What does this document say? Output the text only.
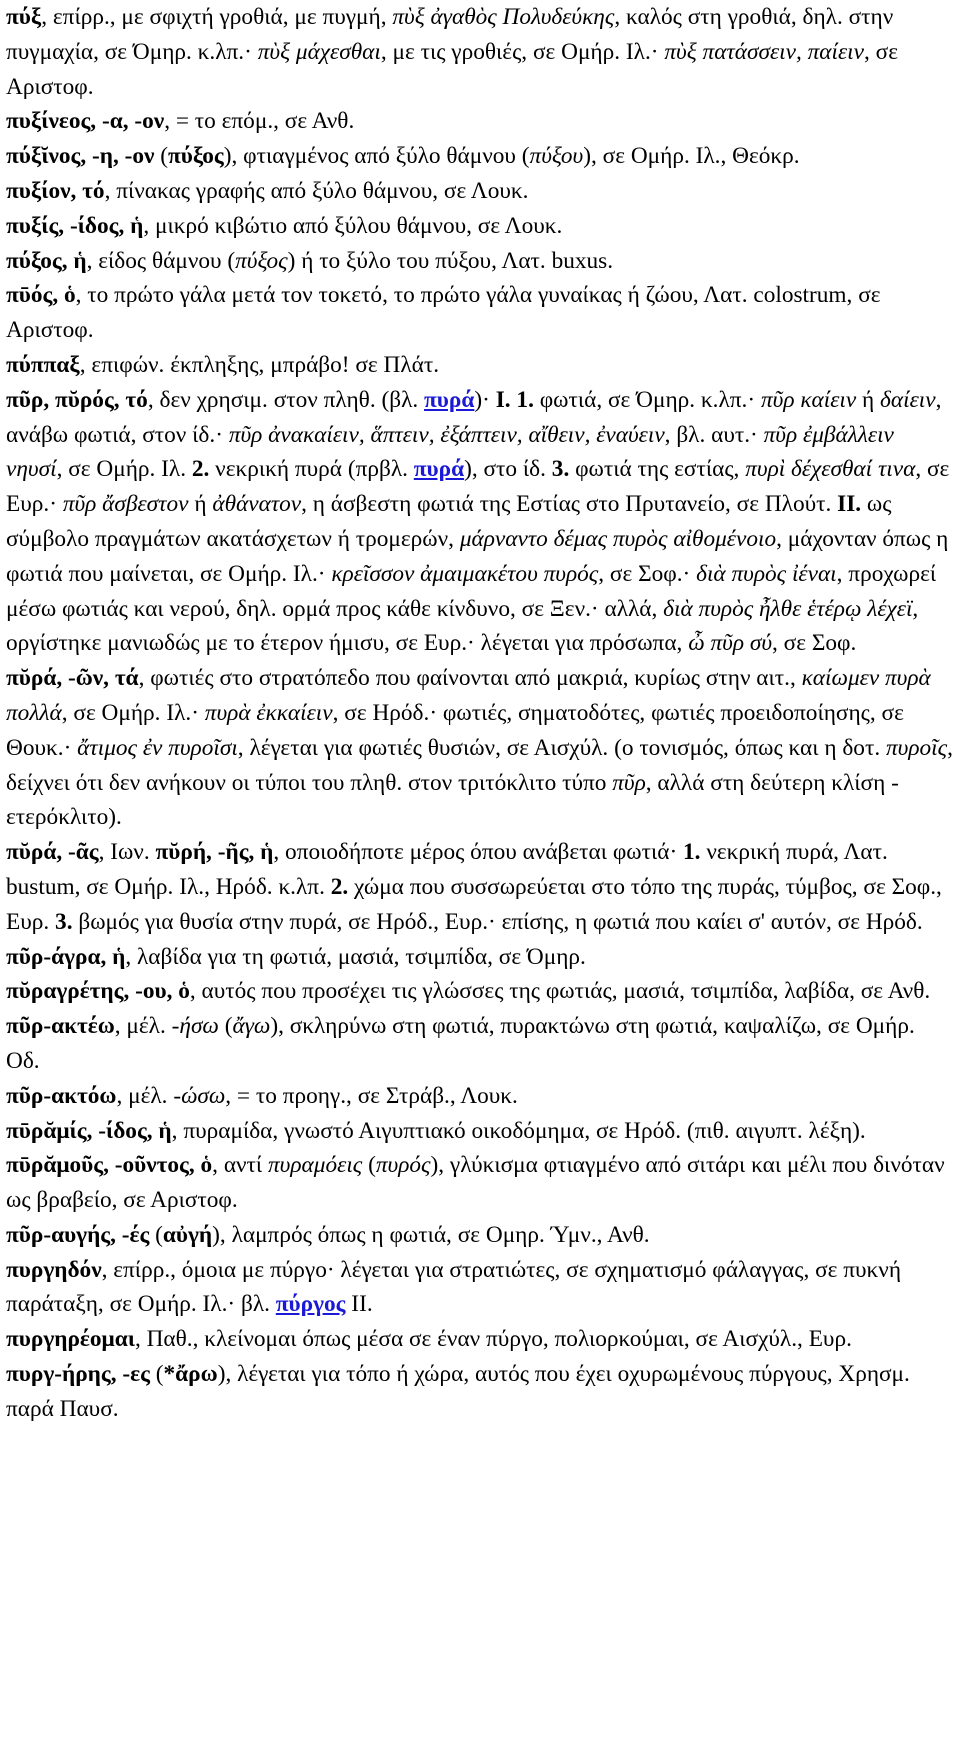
πύξ, επίρρ., με σφιχτή γροθιά, με πυγμή, πὺξ ἀγαθὸς Πολυδεύκης, καλός στη γροθιά, δηλ. στην πυγμαχία, σε Όμηρ. κ.λπ.· πὺξ μάχεσθαι, με τις γροθιές, σε Ομήρ. Ιλ.· πὺξ πατάσσειν, παίειν, σε Αριστοφ.

πυξίνεος, -α, -ον, = το επόμ., σε Ανθ.

πύξῐνος, -η, -ον (πύξος), φτιαγμένος από ξύλο θάμνου (πύξου), σε Ομήρ. Ιλ., Θεόκρ.

πυξίον, τό, πίνακας γραφής από ξύλο θάμνου, σε Λουκ.

πυξίς, -ίδος, ἡ, μικρό κιβώτιο από ξύλου θάμνου, σε Λουκ.

πύξος, ἡ, είδος θάμνου (πύξος) ή το ξύλο του πύξου, Λατ. buxus.

πῡός, ὁ, το πρώτο γάλα μετά τον τοκετό, το πρώτο γάλα γυναίκας ή ζώου, Λατ. colostrum, σε Αριστοφ.

πύππαξ, επιφών. έκπληξης, μπράβο! σε Πλάτ.

πῦρ, πῠρός, τό, δεν χρησιμ. στον πληθ. (βλ. πυρά)· I. 1. φωτιά, σε Όμηρ. κ.λπ.· πῦρ καίειν ή δαίειν, ανάβω φωτιά, στον ίδ.· πῦρ ἀνακαίειν, ἅπτειν, ἐξάπτειν, αἴθειν, ἐναύειν, βλ. αυτ.· πῦρ ἐμβάλλειν νηυσί, σε Ομήρ. Ιλ. 2. νεκρική πυρά (πρβλ. πυρά), στο ίδ. 3. φωτιά της εστίας, πυρὶ δέχεσθαί τινα, σε Ευρ.· πῦρ ἄσβεστον ή ἀθάνατον, η άσβεστη φωτιά της Εστίας στο Πρυτανείο, σε Πλούτ. II. ως σύμβολο πραγμάτων ακατάσχετων ή τρομερών, μάρναντο δέμας πυρὸς αἰθομένοιο, μάχονταν όπως η φωτιά που μαίνεται, σε Ομήρ. Ιλ.· κρεῖσσον ἀμαιμακέτου πυρός, σε Σοφ.· διὰ πυρὸς ἰέναι, προχωρεί μέσω φωτιάς και νερού, δηλ. ορμά προς κάθε κίνδυνο, σε Ξεν.· αλλά, διὰ πυρὸς ἦλθε ἑτέρῳ λέχεϊ, οργίστηκε μανιωδώς με το έτερον ήμισυ, σε Ευρ.· λέγεται για πρόσωπα, ὦ πῦρ σύ, σε Σοφ.

πῠρά, -ῶν, τά, φωτιές στο στρατόπεδο που φαίνονται από μακριά, κυρίως στην αιτ., καίωμεν πυρὰ πολλά, σε Ομήρ. Ιλ.· πυρὰ ἐκκαίειν, σε Ηρόδ.· φωτιές, σηματοδότες, φωτιές προειδοποίησης, σε Θουκ.· ἄτιμος ἐν πυροῖσι, λέγεται για φωτιές θυσιών, σε Αισχύλ. (ο τονισμός, όπως και η δοτ. πυροῖς, δείχνει ότι δεν ανήκουν οι τύποι του πληθ. στον τριτόκλιτο τύπο πῦρ, αλλά στη δεύτερη κλίση - ετερόκλιτο).

πῠρά, -ᾶς, Ιων. πῠρή, -ῆς, ἡ, οποιοδήποτε μέρος όπου ανάβεται φωτιά· 1. νεκρική πυρά, Λατ. bustum, σε Ομήρ. Ιλ., Ηρόδ. κ.λπ. 2. χώμα που συσσωρεύεται στο τόπο της πυράς, τύμβος, σε Σοφ., Ευρ. 3. βωμός για θυσία στην πυρά, σε Ηρόδ., Ευρ.· επίσης, η φωτιά που καίει σ' αυτόν, σε Ηρόδ.

πῦρ-άγρα, ἡ, λαβίδα για τη φωτιά, μασιά, τσιμπίδα, σε Όμηρ.

πῠραγρέτης, -ου, ὁ, αυτός που προσέχει τις γλώσσες της φωτιάς, μασιά, τσιμπίδα, λαβίδα, σε Ανθ.

πῦρ-ακτέω, μέλ. -ήσω (ἄγω), σκληρύνω στη φωτιά, πυρακτώνω στη φωτιά, καψαλίζω, σε Ομήρ. Οδ.

πῦρ-ακτόω, μέλ. -ώσω, = το προηγ., σε Στράβ., Λουκ.

πῡρᾰμίς, -ίδος, ἡ, πυραμίδα, γνωστό Αιγυπτιακό οικοδόμημα, σε Ηρόδ. (πιθ. αιγυπτ. λέξη).

πῡρᾰμοῦς, -οῦντος, ὁ, αντί πυραμόεις (πυρός), γλύκισμα φτιαγμένο από σιτάρι και μέλι που δινόταν ως βραβείο, σε Αριστοφ.

πῦρ-αυγής, -ές (αὐγή), λαμπρός όπως η φωτιά, σε Ομηρ. Ύμν., Ανθ.

πυργηδόν, επίρρ., όμοια με πύργο· λέγεται για στρατιώτες, σε σχηματισμό φάλαγγας, σε πυκνή παράταξη, σε Ομήρ. Ιλ.· βλ. πύργος II.

πυργηρέομαι, Παθ., κλείνομαι όπως μέσα σε έναν πύργο, πολιορκούμαι, σε Αισχύλ., Ευρ.

πυργ-ήρης, -ες (*ἄρω), λέγεται για τόπο ή χώρα, αυτός που έχει οχυρωμένους πύργους, Χρησμ. παρά Παυσ.
